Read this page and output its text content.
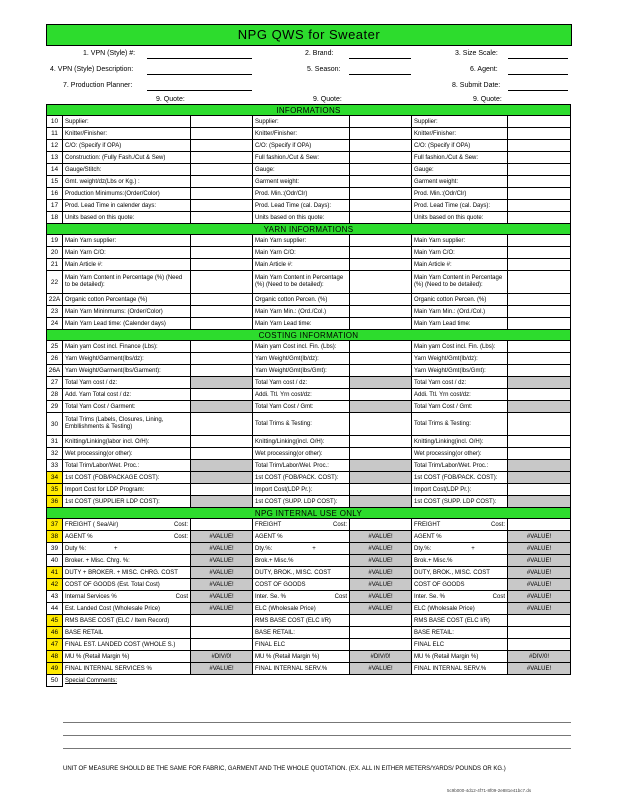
NPG QWS for Sweater
1. VPN (Style) #:	2. Brand:	3. Size Scale:
4. VPN (Style) Description:	5. Season:	6. Agent:
7. Production Planner:	8. Submit Date:
9. Quote:	9. Quote:	9. Quote:
INFORMATIONS						
10	Supplier:		Supplier:		Supplier:	
11	Knitter/Finisher:		Knitter/Finisher:		Knitter/Finisher:	
12	C/O: (Specify if OPA)		C/O: (Specify if OPA)		C/O: (Specify if OPA)	
13	Construction: (Fully Fash./Cut & Sew)		Full fashion./Cut & Sew:		Full fashion./Cut & Sew:	
14	Gauge/Stitch:		Gauge:		Gauge:	
15	Gmt. weight/dz(Lbs or Kg.) :		Garment weight:		Garment weight:	
16	Production Minimums:(Order/Color)		Prod. Min.:(Odr/Clr)		Prod. Min.:(Odr/Clr)	
17	Prod. Lead Time in calender days:		Prod. Lead Time (cal. Days):		Prod. Lead Time (cal. Days):	
18	Units based on this quote:		Units based on this quote:		Units based on this quote:	
YARN INFORMATIONS						
19	Main Yarn supplier:		Main Yarn supplier:		Main Yarn supplier:	
20	Main Yarn C/O:		Main Yarn C/O:		Main Yarn C/O:	
21	Main Article #:		Main Article #:		Main Article #:	
22	Main Yarn Content in Percentage (%) (Need to be detailed):		Main Yarn Content in Percentage (%) (Need to be detailed):		Main Yarn Content in Percentage (%) (Need to be detailed):	
22A	Organic cotton Percentage (%)		Organic cotton Percen. (%)		Organic cotton Percen. (%)	
23	Main Yarn Mininmums: (Order/Color)		Main Yarn Min.: (Ord./Col.)		Main Yarn Min.: (Ord./Col.)	
24	Main Yarn Lead time: (Calender days)		Main Yarn Lead time:		Main Yarn Lead time:	
COSTING INFORMATION						
25	Main yarn Cost incl. Finance (Lbs):		Main yarn Cost incl. Fin. (Lbs):		Main yarn Cost incl. Fin. (Lbs):	
26	Yarn Weight/Garment(lbs/dz):		Yarn Weight/Gmt(lb/dz):		Yarn Weight/Gmt(lb/dz):	
26A	Yarn Weight/Garment(lbs/Garment):		Yarn Weight/Gmt(lbs/Gmt):		Yarn Weight/Gmt(lbs/Gmt):	
27	Total Yarn cost / dz:		Total Yarn cost / dz:		Total Yarn cost / dz:	
28	Add. Yarn Total cost / dz:		Addi. Ttl. Yrn cost/dz:		Addi. Ttl. Yrn cost/dz:	
29	Total Yarn Cost / Garment:		Total Yarn Cost / Gmt:		Total Yarn Cost / Gmt:	
30	Total Trims (Labels, Closures, Lining, Embllishments & Testing)		Total Trims & Testing:		Total Trims & Testing:	
31	Knitting/Linking(labor incl. O/H):		Knitting/Linking(incl. O/H):		Knitting/Linking(incl. O/H):	
32	Wet processing(or other):		Wet processing(or other):		Wet processing(or other):	
33	Total Trim/Labor/Wet. Proc.:		Total Trim/Labor/Wel. Proc.:		Total Trim/Labor/Wet. Proc.:	
34	1st COST (FOB/PACKAGE COST):		1st COST (FOB/PACK. COST):		1st COST (FOB/PACK. COST):	
35	Import Cost for LDP Program:		Import Cost(LDP Pr.):		Import Cost(LDP Pr.):	
36	1st COST (SUPPLIER LDP COST):		1st COST (SUPP. LDP COST):		1st COST (SUPP. LDP COST):	
NPG INTERNAL USE ONLY						
37	FREIGHT ( Sea/Air) Cost:		FREIGHT Cost:		FREIGHT Cost:	

38	AGENT % Cost:	#VALUE!	AGENT %	#VALUE!	AGENT %	#VALUE!
39	Duty %: +	#VALUE!	Dty.%: +	#VALUE!	Dty.%: +	#VALUE!
40	Broker. + Misc. Chrg. %:	#VALUE!	Brok.+ Misc.%	#VALUE!	Brok.+ Misc.%	#VALUE!
41	DUTY + BROKER. + MISC. CHRG. COST	#VALUE!	DUTY, BROK., MISC. COST	#VALUE!	DUTY, BROK., MISC. COST	#VALUE!
42	COST OF GOODS (Est. Total Cost)	#VALUE!	COST OF GOODS	#VALUE!	COST OF GOODS	#VALUE!
43	Internal Services % Cost	#VALUE!	Inter. Se. % Cost	#VALUE!	Inter. Se. % Cost	#VALUE!
44	Est. Landed Cost (Wholesale Price)	#VALUE!	ELC (Wholesale Price)	#VALUE!	ELC (Wholesale Price)	#VALUE!
45	RMS BASE COST (ELC / Item Record)		RMS BASE COST (ELC I/R)		RMS BASE COST (ELC I/R)	
46	BASE RETAIL		BASE RETAIL:		BASE RETAIL:	
47	FINAL EST. LANDED COST (WHOLE S.)		FINAL ELC		FINAL ELC	
48	MU % (Retail Margin %)	#DIV/0!	MU % (Retail Margin %)	#DIV/0!	MU % (Retail Margin %)	#DIV/0!
49	FINAL INTERNAL SERVICES %	#VALUE!	FINAL INTERNAL SERV.%	#VALUE!	FINAL INTERNAL SERV.%	#VALUE!
50	Special Comments:					
UNIT OF MEASURE SHOULD BE THE SAME FOR FABRIC, GARMENT AND THE WHOLE QUOTATION. (EX. ALL IN EITHER METERS/YARDS/ POUNDS OR KG.)
5c9b000-4d12-4f71-8f09-2e881e41bc7.ds
